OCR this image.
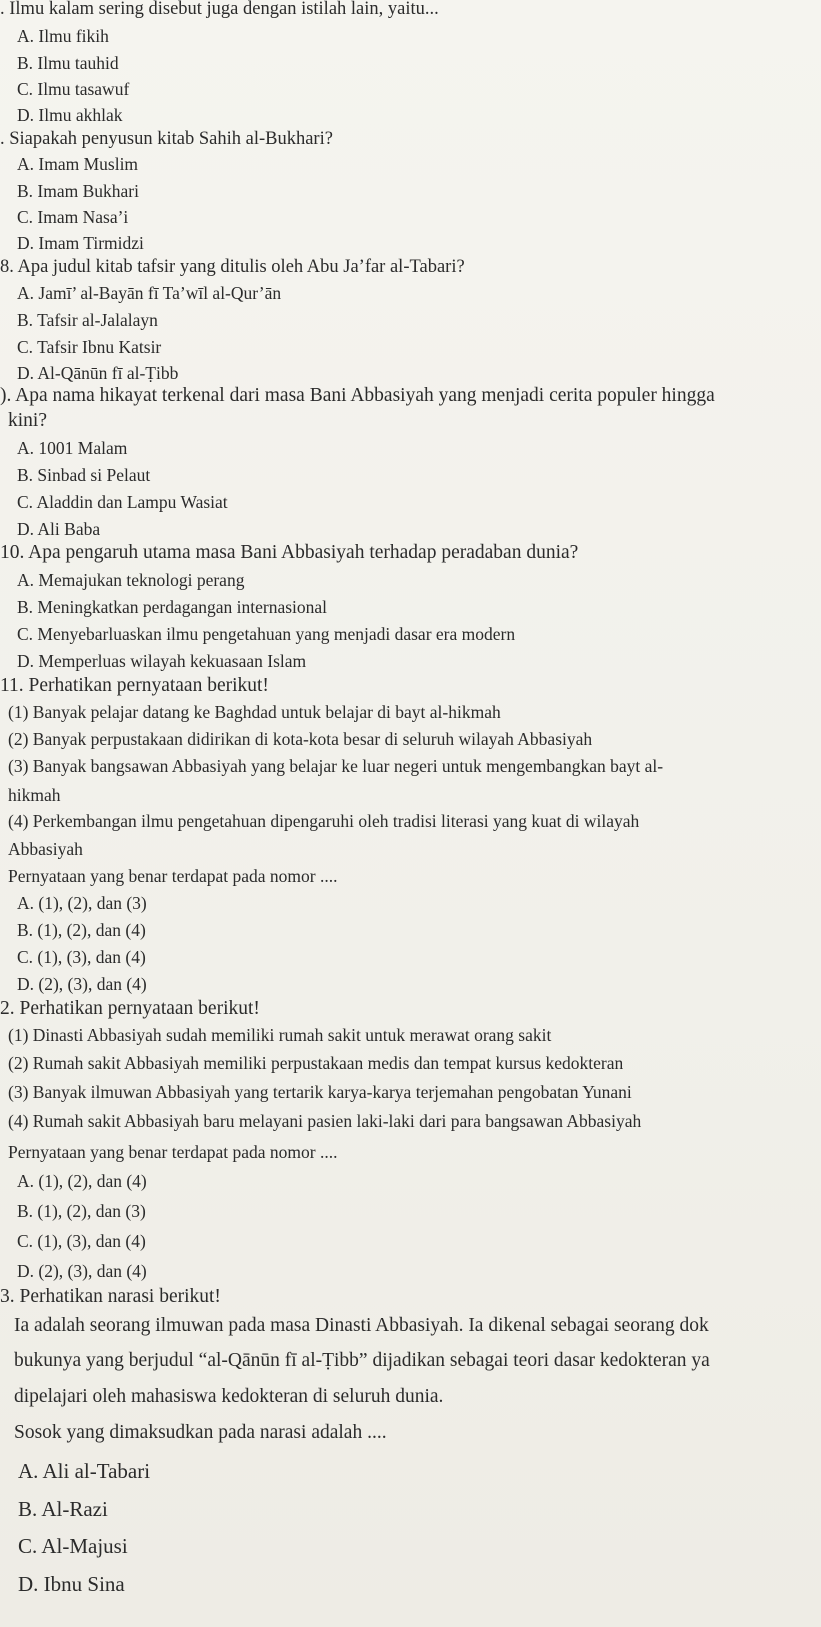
. Ilmu kalam sering disebut juga dengan istilah lain, yaitu...
A. Ilmu fikih
B. Ilmu tauhid
C. Ilmu tasawuf
D. Ilmu akhlak
. Siapakah penyusun kitab Sahih al-Bukhari?
A. Imam Muslim
B. Imam Bukhari
C. Imam Nasa’i
D. Imam Tirmidzi
8. Apa judul kitab tafsir yang ditulis oleh Abu Ja’far al-Tabari?
A. Jamī’ al-Bayān fī Ta’wīl al-Qur’ān
B. Tafsir al-Jalalayn
C. Tafsir Ibnu Katsir
D. Al-Qānūn fī al-Ṭibb
). Apa nama hikayat terkenal dari masa Bani Abbasiyah yang menjadi cerita populer hingga
kini?
A. 1001 Malam
B. Sinbad si Pelaut
C. Aladdin dan Lampu Wasiat
D. Ali Baba
10. Apa pengaruh utama masa Bani Abbasiyah terhadap peradaban dunia?
A. Memajukan teknologi perang
B. Meningkatkan perdagangan internasional
C. Menyebarluaskan ilmu pengetahuan yang menjadi dasar era modern
D. Memperluas wilayah kekuasaan Islam
11. Perhatikan pernyataan berikut!
(1) Banyak pelajar datang ke Baghdad untuk belajar di bayt al-hikmah
(2) Banyak perpustakaan didirikan di kota-kota besar di seluruh wilayah Abbasiyah
(3) Banyak bangsawan Abbasiyah yang belajar ke luar negeri untuk mengembangkan bayt al-
hikmah
(4) Perkembangan ilmu pengetahuan dipengaruhi oleh tradisi literasi yang kuat di wilayah
Abbasiyah
Pernyataan yang benar terdapat pada nomor ....
A. (1), (2), dan (3)
B. (1), (2), dan (4)
C. (1), (3), dan (4)
D. (2), (3), dan (4)
2. Perhatikan pernyataan berikut!
(1) Dinasti Abbasiyah sudah memiliki rumah sakit untuk merawat orang sakit
(2) Rumah sakit Abbasiyah memiliki perpustakaan medis dan tempat kursus kedokteran
(3) Banyak ilmuwan Abbasiyah yang tertarik karya-karya terjemahan pengobatan Yunani
(4) Rumah sakit Abbasiyah baru melayani pasien laki-laki dari para bangsawan Abbasiyah
Pernyataan yang benar terdapat pada nomor ....
A. (1), (2), dan (4)
B. (1), (2), dan (3)
C. (1), (3), dan (4)
D. (2), (3), dan (4)
3. Perhatikan narasi berikut!
Ia adalah seorang ilmuwan pada masa Dinasti Abbasiyah. Ia dikenal sebagai seorang dok
bukunya yang berjudul “al-Qānūn fī al-Ṭibb” dijadikan sebagai teori dasar kedokteran ya
dipelajari oleh mahasiswa kedokteran di seluruh dunia.
Sosok yang dimaksudkan pada narasi adalah ....
A. Ali al-Tabari
B. Al-Razi
C. Al-Majusi
D. Ibnu Sina
